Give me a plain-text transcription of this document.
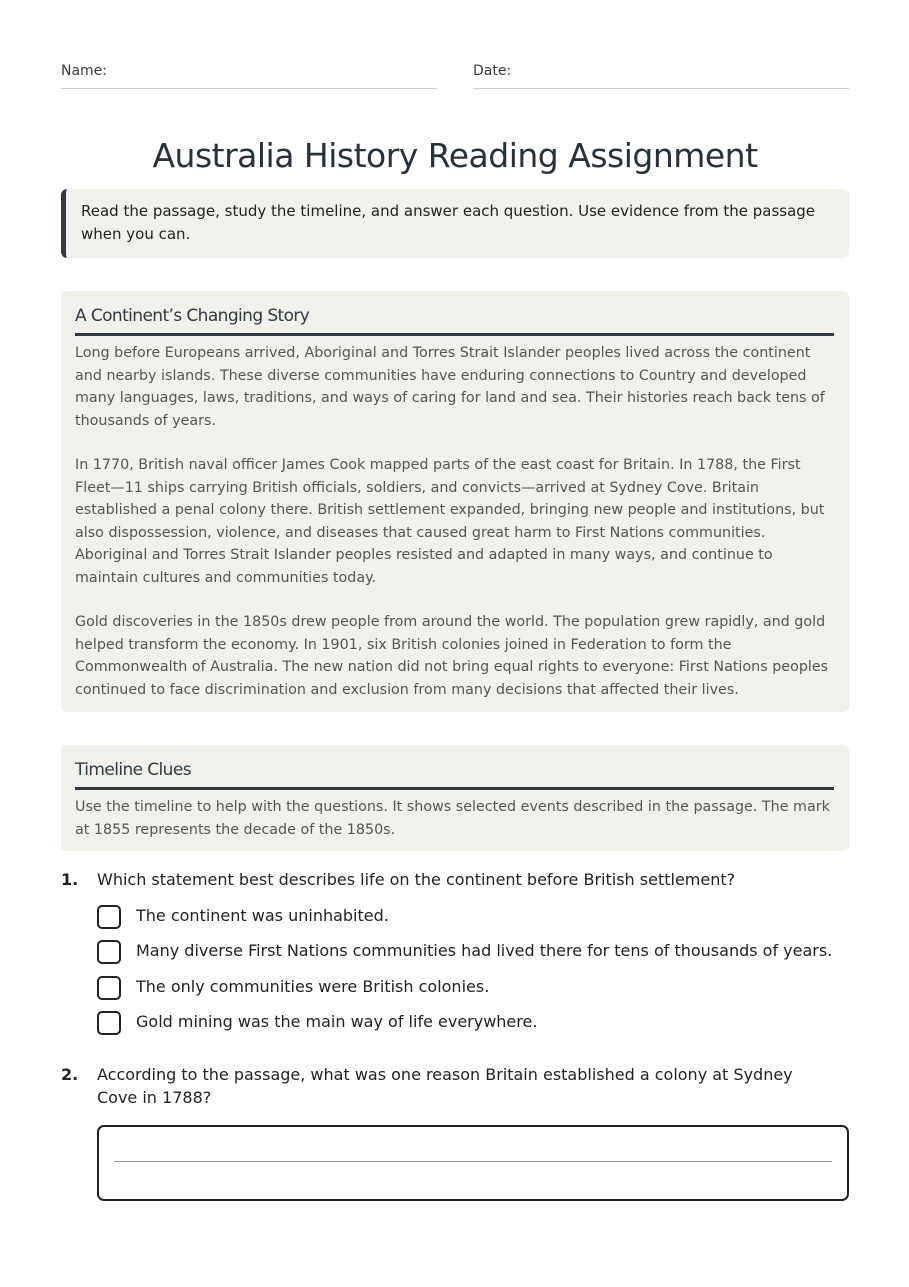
Name:	Date:
Australia History Reading Assignment
Read the passage, study the timeline, and answer each question. Use evidence from the passage when you can.
A Continent’s Changing Story

Long before Europeans arrived, Aboriginal and Torres Strait Islander peoples lived across the continent and nearby islands. These diverse communities have enduring connections to Country and developed many languages, laws, traditions, and ways of caring for land and sea. Their histories reach back tens of thousands of years.

In 1770, British naval officer James Cook mapped parts of the east coast for Britain. In 1788, the First Fleet—11 ships carrying British officials, soldiers, and convicts—arrived at Sydney Cove. Britain established a penal colony there. British settlement expanded, bringing new people and institutions, but also dispossession, violence, and diseases that caused great harm to First Nations communities. Aboriginal and Torres Strait Islander peoples resisted and adapted in many ways, and continue to maintain cultures and communities today.

Gold discoveries in the 1850s drew people from around the world. The population grew rapidly, and gold helped transform the economy. In 1901, six British colonies joined in Federation to form the Commonwealth of Australia. The new nation did not bring equal rights to everyone: First Nations peoples continued to face discrimination and exclusion from many decisions that affected their lives.

Timeline Clues

Use the timeline to help with the questions. It shows selected events described in the passage. The mark at 1855 represents the decade of the 1850s.

1. Which statement best describes life on the continent before British settlement?
The continent was uninhabited.
Many diverse First Nations communities had lived there for tens of thousands of years.
The only communities were British colonies.
Gold mining was the main way of life everywhere.
2. According to the passage, what was one reason Britain established a colony at Sydney Cove in 1788?
